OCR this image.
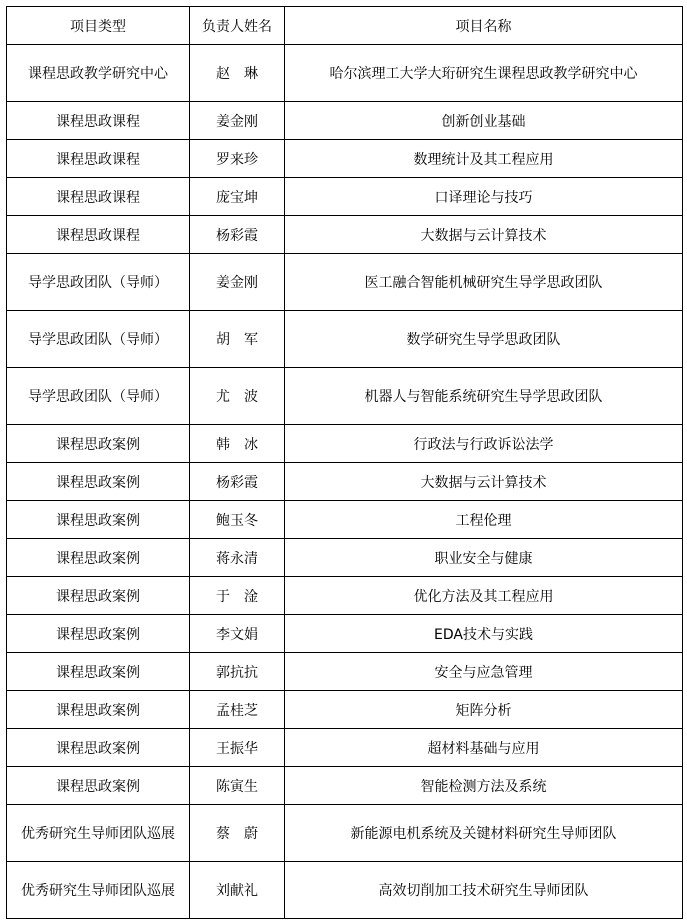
项目类型	负责人姓名	项目名称
课程思政教学研究中心	赵　琳	哈尔滨理工大学大珩研究生课程思政教学研究中心
课程思政课程	姜金刚	创新创业基础
课程思政课程	罗来珍	数理统计及其工程应用
课程思政课程	庞宝坤	口译理论与技巧
课程思政课程	杨彩霞	大数据与云计算技术
导学思政团队（导师）	姜金刚	医工融合智能机械研究生导学思政团队
导学思政团队（导师）	胡　军	数学研究生导学思政团队
导学思政团队（导师）	尤　波	机器人与智能系统研究生导学思政团队
课程思政案例	韩　冰	行政法与行政诉讼法学
课程思政案例	杨彩霞	大数据与云计算技术
课程思政案例	鲍玉冬	工程伦理
课程思政案例	蒋永清	职业安全与健康
课程思政案例	于　淦	优化方法及其工程应用
课程思政案例	李文娟	EDA技术与实践
课程思政案例	郭抗抗	安全与应急管理
课程思政案例	孟桂芝	矩阵分析
课程思政案例	王振华	超材料基础与应用
课程思政案例	陈寅生	智能检测方法及系统
优秀研究生导师团队巡展	蔡　蔚	新能源电机系统及关键材料研究生导师团队
优秀研究生导师团队巡展	刘献礼	高效切削加工技术研究生导师团队
